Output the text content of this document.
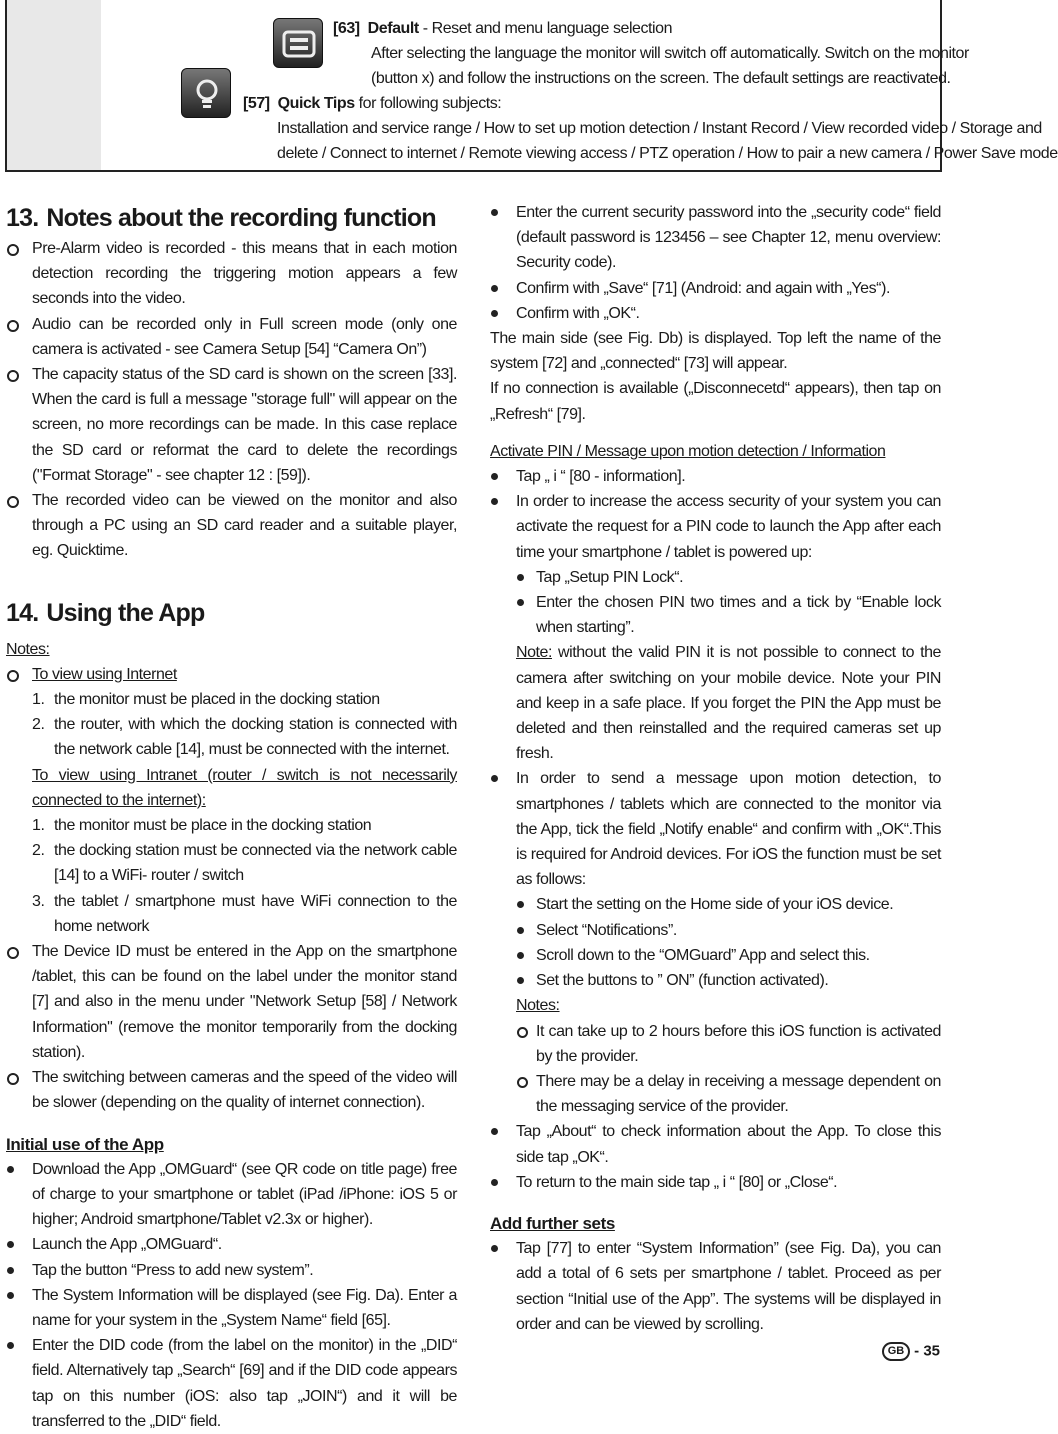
[63] Default - Reset and menu language selection
After selecting the language the monitor will switch off automatically. Switch on the monitor
(button x) and follow the instructions on the screen. The default settings are reactivated.
[57] Quick Tips for following subjects:
Installation and service range / How to set up motion detection / Instant Record / View recorded video / Storage and
delete / Connect to internet / Remote viewing access / PTZ operation / How to pair a new camera / Power Save mode
13. Notes about the recording function
Pre-Alarm video is recorded - this means that in each motion detection recording the triggering motion appears a few seconds into the video.
Audio can be recorded only in Full screen mode (only one camera is activated - see Camera Setup [54] “Camera On”)
The capacity status of the SD card is shown on the screen [33]. When the card is full a message "storage full" will appear on the screen, no more recordings can be made. In this case replace the SD card or reformat the card to delete the recordings ("Format Storage" - see chapter 12 : [59]).
The recorded video can be viewed on the monitor and also through a PC using an SD card reader and a suitable player, eg. Quicktime.
14. Using the App
Notes:
To view using Internet
1. the monitor must be placed in the docking station
2. the router, with which the docking station is connected with the network cable [14], must be connected with the internet.
To view using Intranet (router / switch is not necessarily connected to the internet):
1. the monitor must be place in the docking station
2. the docking station must be connected via the network cable [14] to a WiFi- router / switch
3. the tablet / smartphone must have WiFi connection to the home network
The Device ID must be entered in the App on the smartphone /tablet, this can be found on the label under the monitor stand [7] and also in the menu under "Network Setup [58] / Network Information" (remove the monitor temporarily from the docking station).
The switching between cameras and the speed of the video will be slower (depending on the quality of internet connection).
Initial use of the App
Download the App „OMGuard“ (see QR code on title page) free of charge to your smartphone or tablet (iPad /iPhone: iOS 5 or higher; Android smartphone/Tablet v2.3x or higher).
Launch the App „OMGuard“.
Tap the button “Press to add new system”.
The System Information will be displayed (see Fig. Da). Enter a name for your system in the „System Name“ field [65].
Enter the DID code (from the label on the monitor) in the „DID“ field. Alternatively tap „Search“ [69] and if the DID code appears tap on this number (iOS: also tap „JOIN“) and it will be transferred to the „DID“ field.
Enter the current security password into the „security code“ field (default password is 123456 – see Chapter 12, menu overview: Security code).
Confirm with „Save“ [71] (Android: and again with „Yes“).
Confirm with „OK“.

The main side (see Fig. Db) is displayed. Top left the name of the system [72] and „connected“ [73] will appear.

If no connection is available („Disconnecetd“ appears), then tap on „Refresh“ [79].

Activate PIN / Message upon motion detection / Information
Tap „ i “ [80 - information].
In order to increase the access security of your system you can activate the request for a PIN code to launch the App after each time your smartphone / tablet is powered up:
Tap „Setup PIN Lock“.
Enter the chosen PIN two times and a tick by “Enable lock when starting”.
Note: without the valid PIN it is not possible to connect to the camera after switching on your mobile device. Note your PIN and keep in a safe place. If you forget the PIN the App must be deleted and then reinstalled and the required cameras set up fresh.
In order to send a message upon motion detection, to smartphones / tablets which are connected to the monitor via the App, tick the field „Notify enable“ and confirm with „OK“.This is required for Android devices. For iOS the function must be set as follows:
Start the setting on the Home side of your iOS device.
Select “Notifications”.
Scroll down to the “OMGuard” App and select this.
Set the buttons to ” ON” (function activated).
Notes:
It can take up to 2 hours before this iOS function is activated by the provider.
There may be a delay in receiving a message dependent on the messaging service of the provider.
Tap „About“ to check information about the App. To close this side tap „OK“.
To return to the main side tap „ i “ [80] or „Close“.
Add further sets
Tap [77] to enter “System Information” (see Fig. Da), you can add a total of 6 sets per smartphone / tablet. Proceed as per section “Initial use of the App”. The systems will be displayed in order and can be viewed by scrolling.
GB - 35
